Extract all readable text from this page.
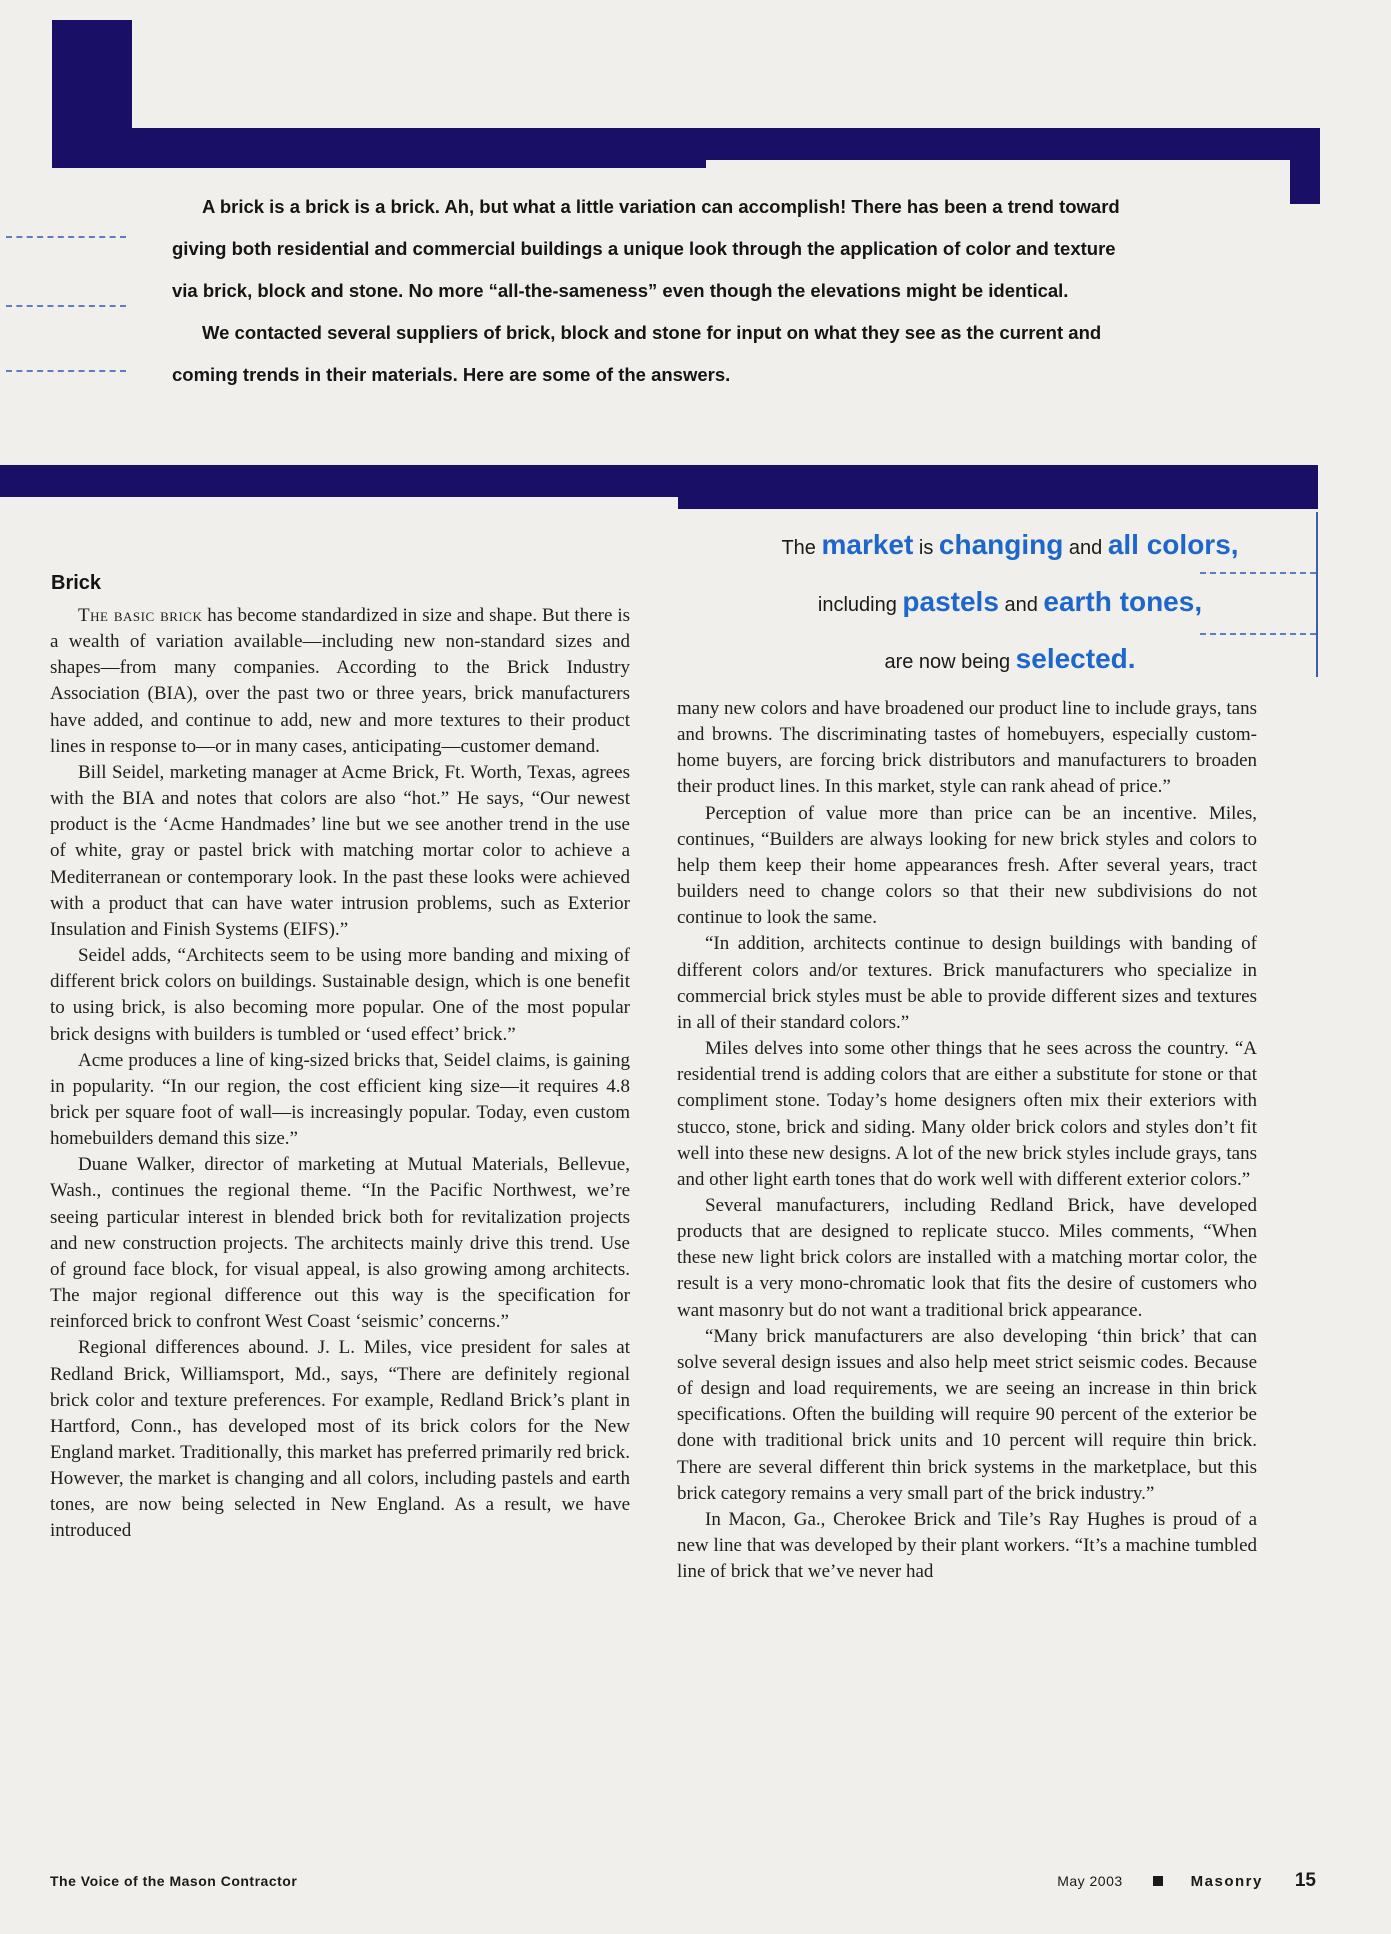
A brick is a brick is a brick. Ah, but what a little variation can accomplish! There has been a trend toward giving both residential and commercial buildings a unique look through the application of color and texture via brick, block and stone. No more “all-the-sameness” even though the elevations might be identical.

We contacted several suppliers of brick, block and stone for input on what they see as the current and coming trends in their materials. Here are some of the answers.

The market is changing and all colors,
including pastels and earth tones,
are now being selected.
Brick

The basic brick has become standardized in size and shape. But there is a wealth of variation available—including new non-standard sizes and shapes—from many companies. According to the Brick Industry Association (BIA), over the past two or three years, brick manufacturers have added, and continue to add, new and more textures to their product lines in response to—or in many cases, anticipating—customer demand.

Bill Seidel, marketing manager at Acme Brick, Ft. Worth, Texas, agrees with the BIA and notes that colors are also “hot.” He says, “Our newest product is the ‘Acme Handmades’ line but we see another trend in the use of white, gray or pastel brick with matching mortar color to achieve a Mediterranean or contemporary look. In the past these looks were achieved with a product that can have water intrusion problems, such as Exterior Insulation and Finish Systems (EIFS).”

Seidel adds, “Architects seem to be using more banding and mixing of different brick colors on buildings. Sustainable design, which is one benefit to using brick, is also becoming more popular. One of the most popular brick designs with builders is tumbled or ‘used effect’ brick.”

Acme produces a line of king-sized bricks that, Seidel claims, is gaining in popularity. “In our region, the cost efficient king size—it requires 4.8 brick per square foot of wall—is increasingly popular. Today, even custom homebuilders demand this size.”

Duane Walker, director of marketing at Mutual Materials, Bellevue, Wash., continues the regional theme. “In the Pacific Northwest, we’re seeing particular interest in blended brick both for revitalization projects and new construction projects. The architects mainly drive this trend. Use of ground face block, for visual appeal, is also growing among architects. The major regional difference out this way is the specification for reinforced brick to confront West Coast ‘seismic’ concerns.”

Regional differences abound. J. L. Miles, vice president for sales at Redland Brick, Williamsport, Md., says, “There are definitely regional brick color and texture preferences. For example, Redland Brick’s plant in Hartford, Conn., has developed most of its brick colors for the New England market. Traditionally, this market has preferred primarily red brick. However, the market is changing and all colors, including pastels and earth tones, are now being selected in New England. As a result, we have introduced

many new colors and have broadened our product line to include grays, tans and browns. The discriminating tastes of homebuyers, especially custom-home buyers, are forcing brick distributors and manufacturers to broaden their product lines. In this market, style can rank ahead of price.”

Perception of value more than price can be an incentive. Miles, continues, “Builders are always looking for new brick styles and colors to help them keep their home appearances fresh. After several years, tract builders need to change colors so that their new subdivisions do not continue to look the same.

“In addition, architects continue to design buildings with banding of different colors and/or textures. Brick manufacturers who specialize in commercial brick styles must be able to provide different sizes and textures in all of their standard colors.”

Miles delves into some other things that he sees across the country. “A residential trend is adding colors that are either a substitute for stone or that compliment stone. Today’s home designers often mix their exteriors with stucco, stone, brick and siding. Many older brick colors and styles don’t fit well into these new designs. A lot of the new brick styles include grays, tans and other light earth tones that do work well with different exterior colors.”

Several manufacturers, including Redland Brick, have developed products that are designed to replicate stucco. Miles comments, “When these new light brick colors are installed with a matching mortar color, the result is a very mono-chromatic look that fits the desire of customers who want masonry but do not want a traditional brick appearance.

“Many brick manufacturers are also developing ‘thin brick’ that can solve several design issues and also help meet strict seismic codes. Because of design and load requirements, we are seeing an increase in thin brick specifications. Often the building will require 90 percent of the exterior be done with traditional brick units and 10 percent will require thin brick. There are several different thin brick systems in the marketplace, but this brick category remains a very small part of the brick industry.”

In Macon, Ga., Cherokee Brick and Tile’s Ray Hughes is proud of a new line that was developed by their plant workers. “It’s a machine tumbled line of brick that we’ve never had

The Voice of the Mason Contractor	May 2003	Masonry 15
